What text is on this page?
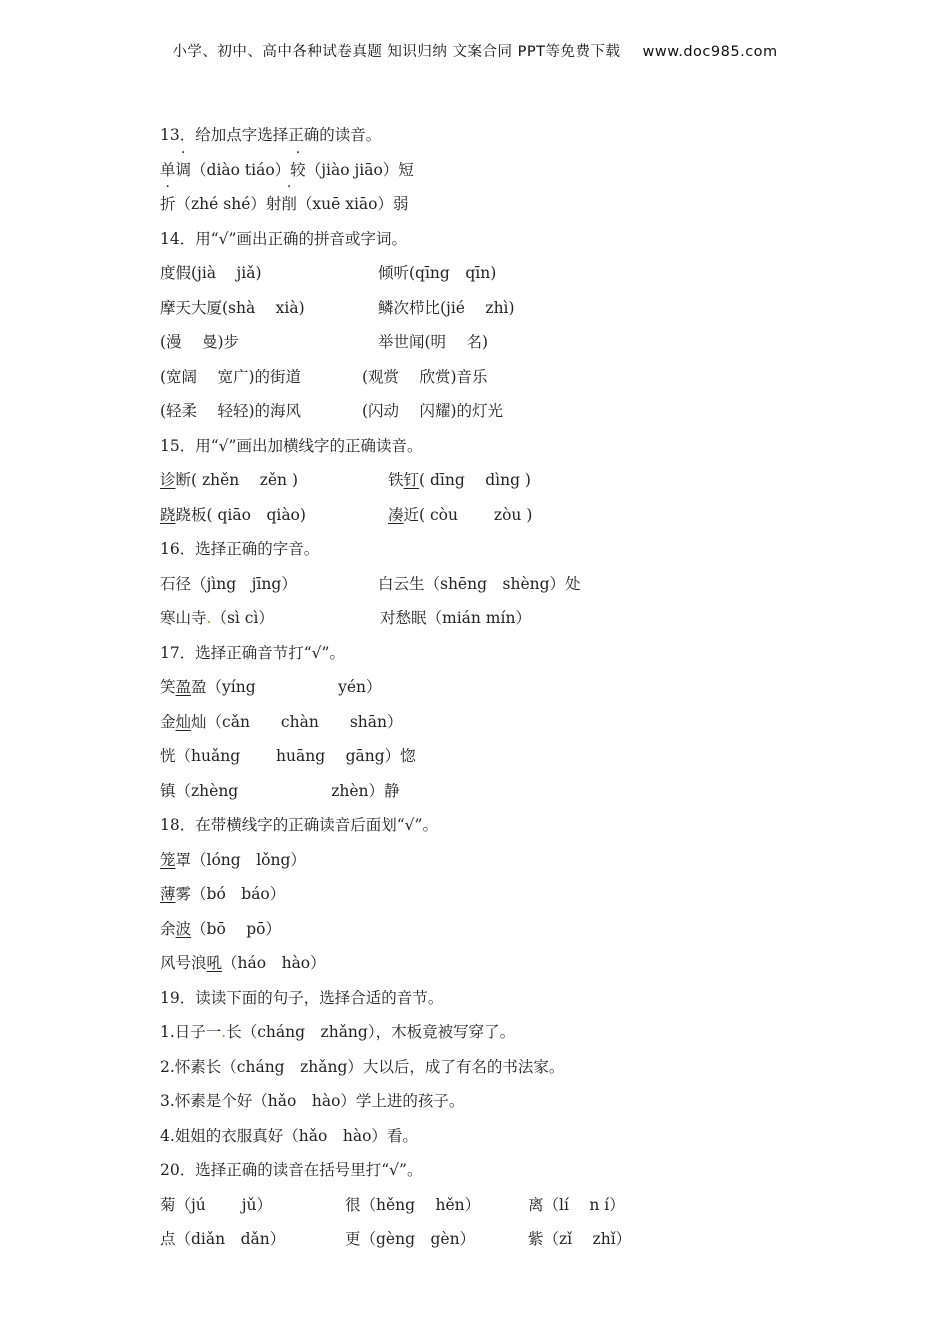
小学、初中、高中各种试卷真题 知识归纳 文案合同 PPT等免费下载 www.doc985.com
13．给加点字选择正确的读音。
单调（diào tiáo）较（jiào jiāo）短
折（zhé shé）射削（xuē xiāo）弱
14．用“√”画出正确的拼音或字词。
度假(jià　 jiǎ)	倾听(qīng　qīn)
摩天大厦(shà　 xià)	鳞次栉比(jié　 zhì)
(漫　 曼)步	举世闻(明　 名)
(宽阔　 宽广)的街道	(观赏　 欣赏)音乐
(轻柔　 轻轻)的海风	(闪动　 闪耀)的灯光
15．用“√”画出加横线字的正确读音。
诊断( zhěn　 zěn )	铁钉( dīng　 dìng )
跷跷板( qiāo　qiào)	凑近( còu　　 zòu )
16．选择正确的字音。
石径（jìng　jīng）	白云生（shēng　shèng）处
寒山寺.（sì cì）	对愁眠（mián mín）
17．选择正确音节打“√”。
笑盈盈（yíng　　　　　 yén）
金灿灿（cǎn　　chàn　　shān）
恍（huǎng　　 huāng　 gāng）惚
镇（zhèng　　　　　　zhèn）静
18．在带横线字的正确读音后面划“√”。
笼罩（lóng　lǒng）
薄雾（bó　báo）
余波（bō　 pō）
风号浪吼（háo　hào）
19．读读下面的句子，选择合适的音节。
1.日子一.长（cháng　zhǎng），木板竟被写穿了。
2.怀素长（cháng　zhǎng）大以后，成了有名的书法家。
3.怀素是个好（hǎo　hào）学上进的孩子。
4.姐姐的衣服真好（hǎo　hào）看。
20．选择正确的读音在括号里打“√”。
菊（jú　　 jǔ）	很（hěng　 hěn）	离（lí　 n í）
点（diǎn　dǎn）	更（gèng　gèn）	紫（zǐ　 zhǐ）
